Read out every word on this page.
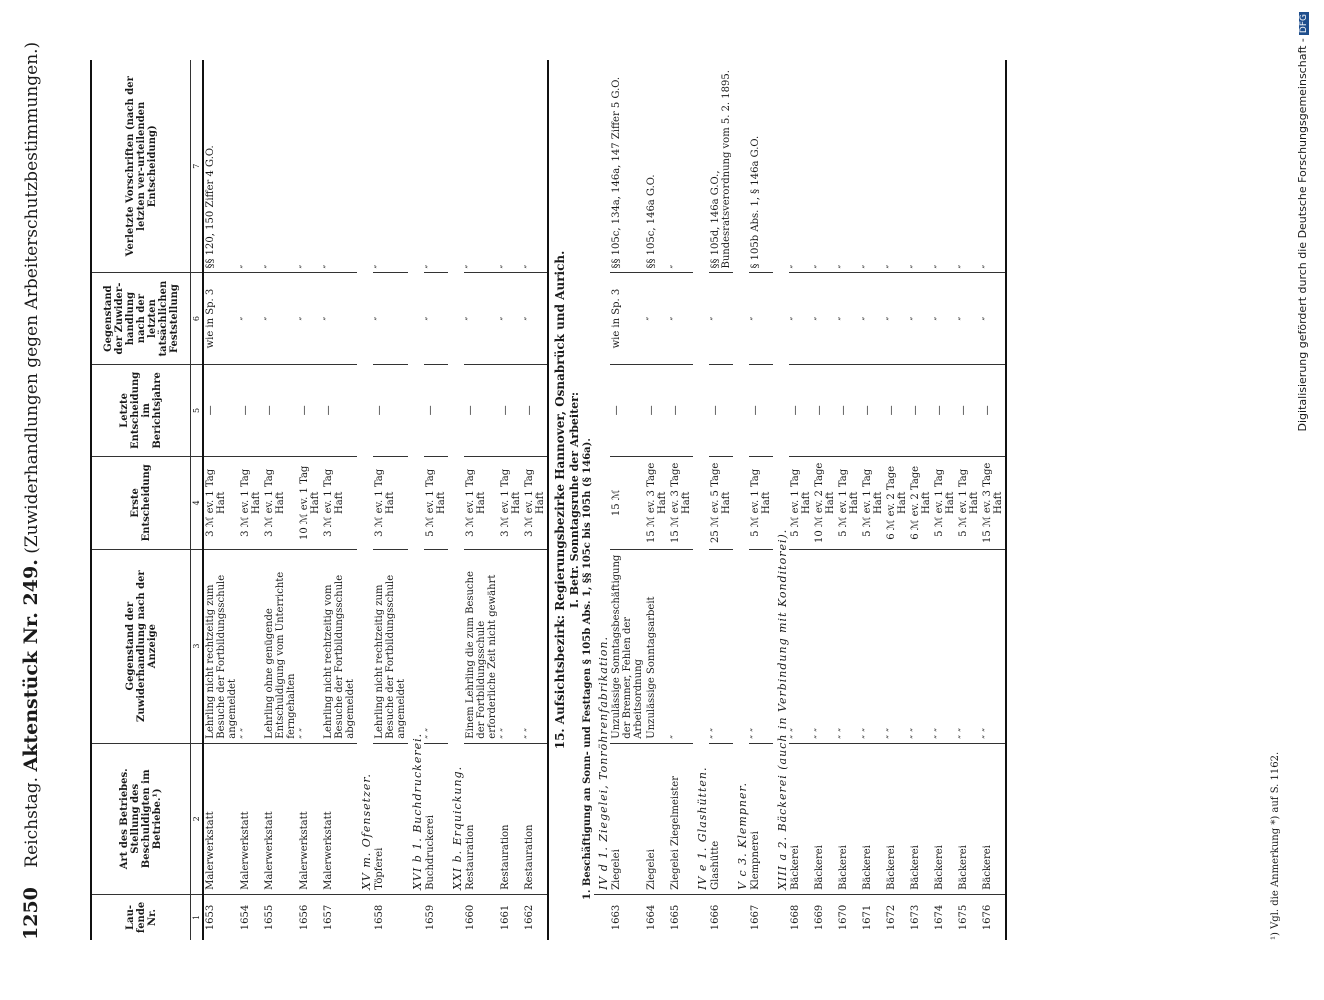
1250 Reichstag. Aktenstück Nr. 249. (Zuwiderhandlungen gegen Arbeiterschutzbestimmungen.)
Lau-fende Nr.	Art des Betriebes. Stellung des Beschuldigten im Betriebe.¹)	Gegenstand der Zuwiderhandlung nach der Anzeige	Erste Entscheidung	Letzte Entscheidung im Berichtsjahre	Gegenstand der Zuwider-handlung nach der letzten tatsächlichen Feststellung	Verletzte Vorschriften (nach der letzten ver-urteilenden Entscheidung)
1	2	3	4	5	6	7
1653	Malerwerkstatt	Lehrling nicht rechtzeitig zum Besuche der Fortbildungsschule angemeldet	3 ℳ ev. 1 Tag Haft	—	wie in Sp. 3	§§ 120, 150 Ziffer 4 G.O.
1654	Malerwerkstatt	″ ″	3 ℳ ev. 1 Tag Haft	—	″	″
1655	Malerwerkstatt	Lehrling ohne genügende Entschuldigung vom Unterrichte ferngehalten	3 ℳ ev. 1 Tag Haft	—	″	″
1656	Malerwerkstatt	″ ″	10 ℳ ev. 1 Tag Haft	—	″	″
1657	Malerwerkstatt	Lehrling nicht rechtzeitig vom Besuche der Fortbildungsschule abgemeldet	3 ℳ ev. 1 Tag Haft	—	″	″
	XV m. Ofensetzer.					
1658	Töpferei	Lehrling nicht rechtzeitig zum Besuche der Fortbildungsschule angemeldet	3 ℳ ev. 1 Tag Haft	—	″	″
	XVI b 1. Buchdruckerei.					
1659	Buchdruckerei	″ ″	5 ℳ ev. 1 Tag Haft	—	″	″
	XXI b. Erquickung.					
1660	Restauration	Einem Lehrling die zum Besuche der Fortbildungsschule erforderliche Zeit nicht gewährt	3 ℳ ev. 1 Tag Haft	—	″	″
1661	Restauration	″ ″	3 ℳ ev. 1 Tag Haft	—	″	″
1662	Restauration	″ ″	3 ℳ ev. 1 Tag Haft	—	″	″
15. Aufsichtsbezirk: Regierungsbezirke Hannover, Osnabrück und Aurich.						
I. Betr. Sonntagsruhe der Arbeiter:						
1. Beschäftigung an Sonn- und Festtagen § 105b Abs. 1, §§ 105c bis 105h (§ 146a).						
	IV d 1. Ziegelei, Tonröhrenfabrikation.					
1663	Ziegelei	Unzulässige Sonntagsbeschäftigung der Brenner, Fehlen der Arbeitsordnung	15 ℳ	—	wie in Sp. 3	§§ 105c, 134a, 146a, 147 Ziffer 5 G.O.
1664	Ziegelei	Unzulässige Sonntagsarbeit	15 ℳ ev. 3 Tage Haft	—	″	§§ 105c, 146a G.O.
1665	Ziegelei Ziegelmeister	″	15 ℳ ev. 3 Tage Haft	—	″	″
	IV e 1. Glashütten.					
1666	Glashütte	″ ″	25 ℳ ev. 5 Tage Haft	—	″	§§ 105d, 146a G.O., Bundesratsverordnung vom 5. 2. 1895.
	V c 3. Klempner.					
1667	Klempnerei	″ ″	5 ℳ ev. 1 Tag Haft	—	″	§ 105b Abs. 1, § 146a G.O.
	XIII a 2. Bäckerei (auch in Verbindung mit Konditorei).					
1668	Bäckerei	″ ″	5 ℳ ev. 1 Tag Haft	—	″	″
1669	Bäckerei	″ ″	10 ℳ ev. 2 Tage Haft	—	″	″
1670	Bäckerei	″ ″	5 ℳ ev. 1 Tag Haft	—	″	″
1671	Bäckerei	″ ″	5 ℳ ev. 1 Tag Haft	—	″	″
1672	Bäckerei	″ ″	6 ℳ ev. 2 Tage Haft	—	″	″
1673	Bäckerei	″ ″	6 ℳ ev. 2 Tage Haft	—	″	″
1674	Bäckerei	″ ″	5 ℳ ev. 1 Tag Haft	—	″	″
1675	Bäckerei	″ ″	5 ℳ ev. 1 Tag Haft	—	″	″
1676	Bäckerei	″ ″	15 ℳ ev. 3 Tage Haft	—	″	″
¹) Vgl. die Anmerkung *) auf S. 1162.
Digitalisierung gefördert durch die Deutsche Forschungsgemeinschaft -DFG
